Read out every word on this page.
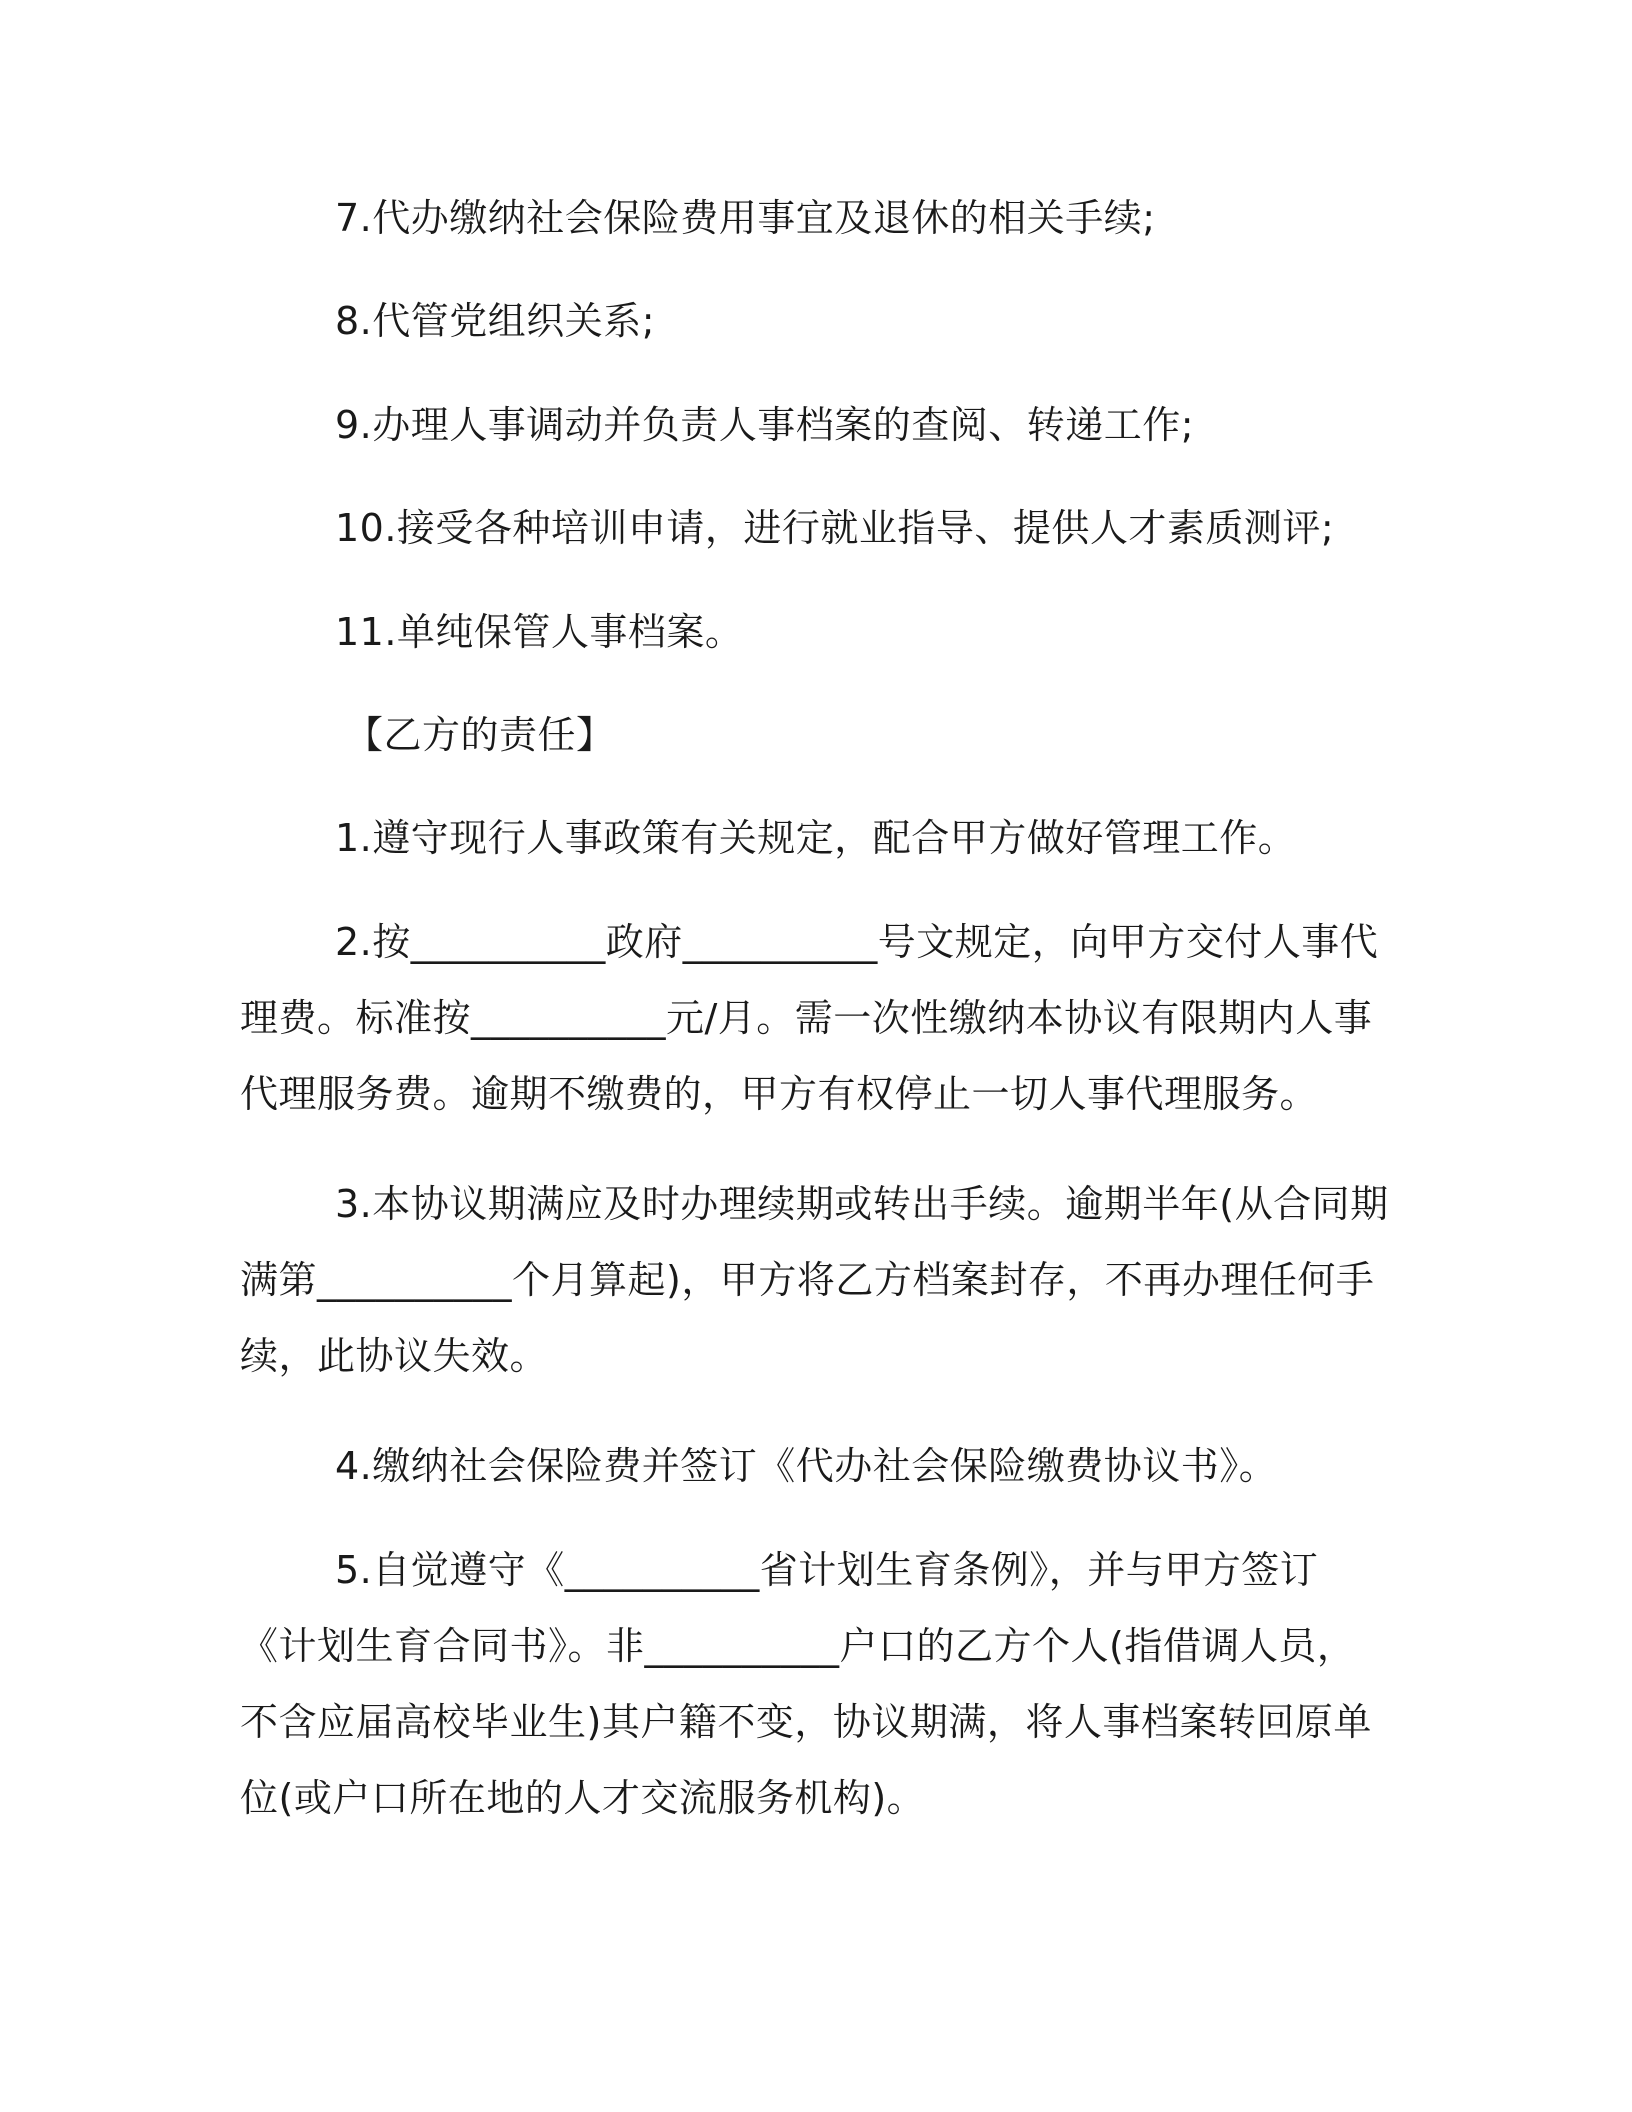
7.代办缴纳社会保险费用事宜及退休的相关手续;

8.代管党组织关系;

9.办理人事调动并负责人事档案的查阅、转递工作;

10.接受各种培训申请，进行就业指导、提供人才素质测评;

11.单纯保管人事档案。

【乙方的责任】

1.遵守现行人事政策有关规定，配合甲方做好管理工作。

2.按__________政府__________号文规定，向甲方交付人事代理费。标准按__________元/月。需一次性缴纳本协议有限期内人事代理服务费。逾期不缴费的，甲方有权停止一切人事代理服务。

3.本协议期满应及时办理续期或转出手续。逾期半年(从合同期满第__________个月算起)，甲方将乙方档案封存，不再办理任何手续，此协议失效。

4.缴纳社会保险费并签订《代办社会保险缴费协议书》。

5.自觉遵守《__________省计划生育条例》，并与甲方签订《计划生育合同书》。非__________户口的乙方个人(指借调人员，不含应届高校毕业生)其户籍不变，协议期满，将人事档案转回原单位(或户口所在地的人才交流服务机构)。
